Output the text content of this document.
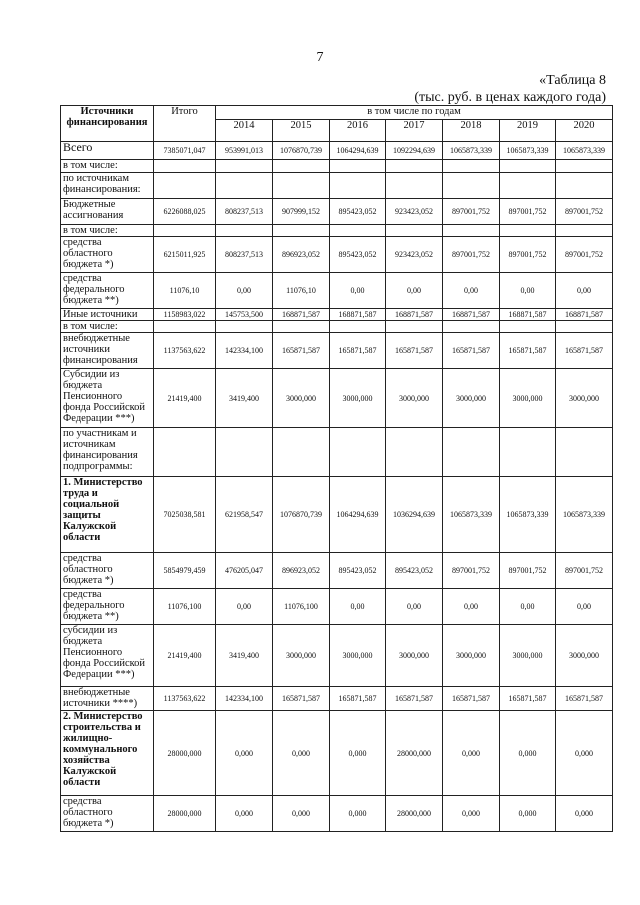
7
«Таблица 8
(тыс. руб. в ценах каждого года)
Источники финансирования	Итого	в том числе по годам						
		2014	2015	2016	2017	2018	2019	2020
Всего	7385071,047	953991,013	1076870,739	1064294,639	1092294,639	1065873,339	1065873,339	1065873,339
в том числе:								
по источникам финансирования:								
Бюджетные ассигнования	6226088,025	808237,513	907999,152	895423,052	923423,052	897001,752	897001,752	897001,752
в том числе:								
средства областного бюджета *)	6215011,925	808237,513	896923,052	895423,052	923423,052	897001,752	897001,752	897001,752
средства федерального бюджета **)	11076,10	0,00	11076,10	0,00	0,00	0,00	0,00	0,00
Иные источники	1158983,022	145753,500	168871,587	168871,587	168871,587	168871,587	168871,587	168871,587
в том числе:								
внебюджетные источники финансирования	1137563,622	142334,100	165871,587	165871,587	165871,587	165871,587	165871,587	165871,587
Субсидии из бюджета Пенсионного фонда Российской Федерации ***)	21419,400	3419,400	3000,000	3000,000	3000,000	3000,000	3000,000	3000,000
по участникам и источникам финансирования подпрограммы:								
1. Министерство труда и социальной защиты Калужской области	7025038,581	621958,547	1076870,739	1064294,639	1036294,639	1065873,339	1065873,339	1065873,339
средства областного бюджета *)	5854979,459	476205,047	896923,052	895423,052	895423,052	897001,752	897001,752	897001,752
средства федерального бюджета **)	11076,100	0,00	11076,100	0,00	0,00	0,00	0,00	0,00
субсидии из бюджета Пенсионного фонда Российской Федерации ***)	21419,400	3419,400	3000,000	3000,000	3000,000	3000,000	3000,000	3000,000
внебюджетные источники ****)	1137563,622	142334,100	165871,587	165871,587	165871,587	165871,587	165871,587	165871,587
2. Министерство строительства и жилищно-коммунального хозяйства Калужской области	28000,000	0,000	0,000	0,000	28000,000	0,000	0,000	0,000
средства областного бюджета *)	28000,000	0,000	0,000	0,000	28000,000	0,000	0,000	0,000
